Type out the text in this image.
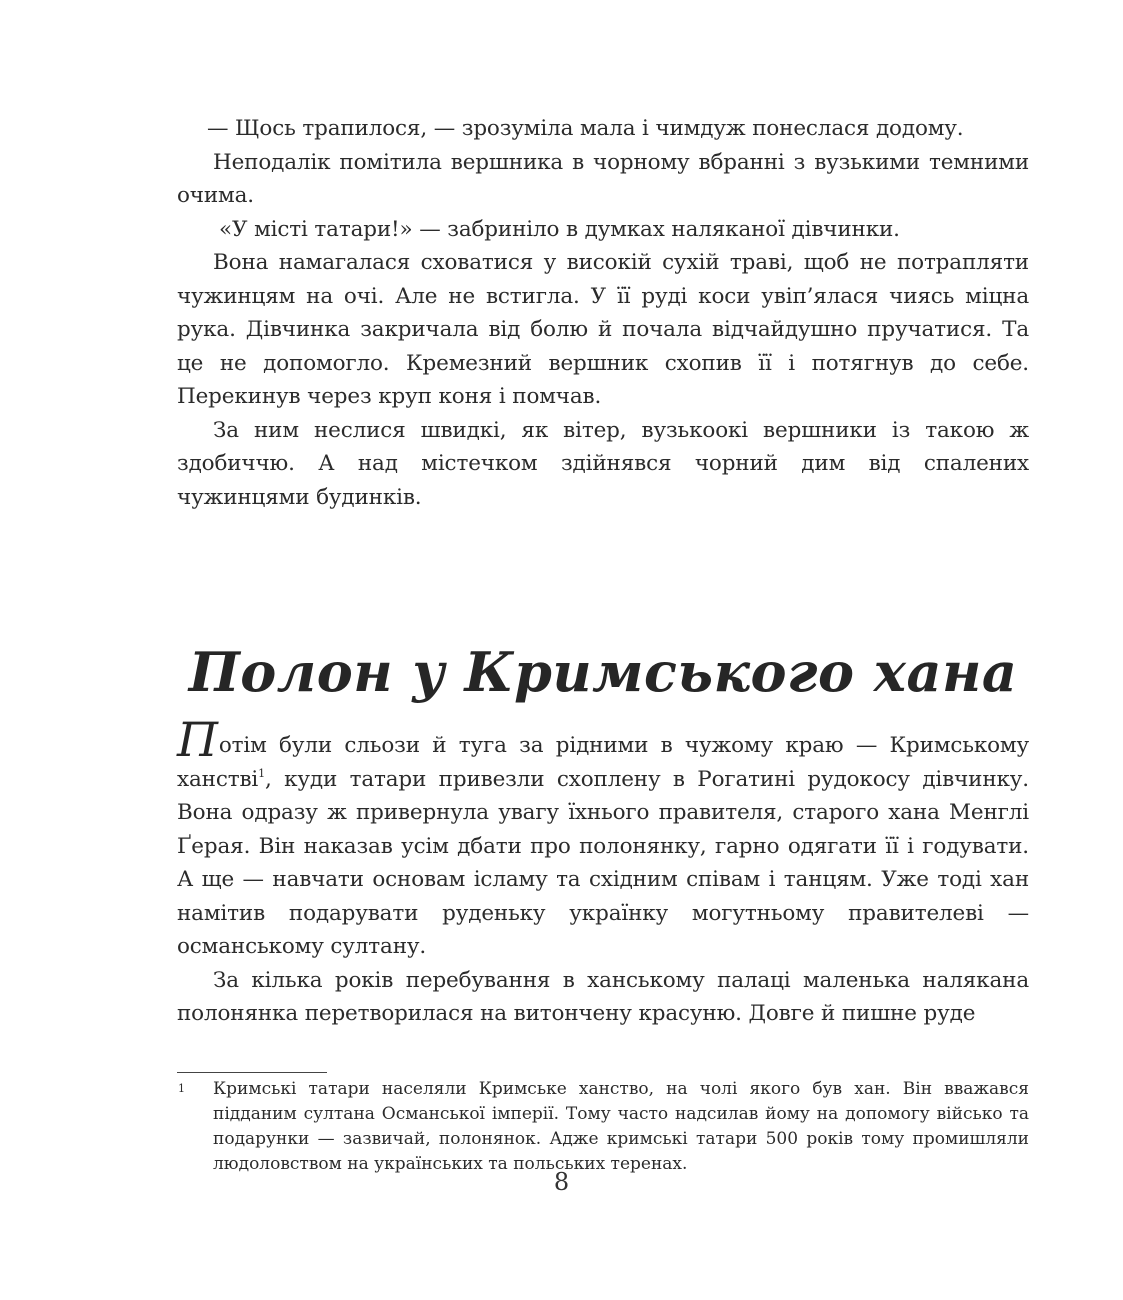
— Щось трапилося, — зрозуміла мала і чимдуж понеслася додому.

Неподалік помітила вершника в чорному вбранні з вузькими темними очима.

«У місті татари!» — забриніло в думках наляканої дівчинки.

Вона намагалася сховатися у високій сухій траві, щоб не потрапляти чужинцям на очі. Але не встигла. У її руді коси увіп’ялася чиясь міцна рука. Дівчинка закричала від болю й почала відчайдушно пручатися. Та це не допомогло. Кремезний вершник схопив її і потягнув до себе. Перекинув через круп коня і помчав.

За ним неслися швидкі, як вітер, вузькоокі вершники із такою ж здобиччю. А над містечком здійнявся чорний дим від спалених чужинцями будинків.

Полон у Кримського хана

Потім були сльози й туга за рідними в чужому краю — Кримському ханстві$^1$, куди татари привезли схоплену в Рогатині рудокосу дівчинку. Вона одразу ж привернула увагу їхнього правителя, старого хана Менглі Ґерая. Він наказав усім дбати про полонянку, гарно одягати її і годувати. А ще — навчати основам ісламу та східним співам і танцям. Уже тоді хан намітив подарувати руденьку українку могутньому правителеві — османському султану.

За кілька років перебування в ханському палаці маленька налякана полонянка перетворилася на витончену красуню. Довге й пишне руде

1 Кримські татари населяли Кримське ханство, на чолі якого був хан. Він вважався підданим султана Османської імперії. Тому часто надсилав йому на допомогу військо та подарунки — зазвичай, полонянок. Адже кримські татари 500 років тому промишляли людоловством на українських та польських теренах.
8
